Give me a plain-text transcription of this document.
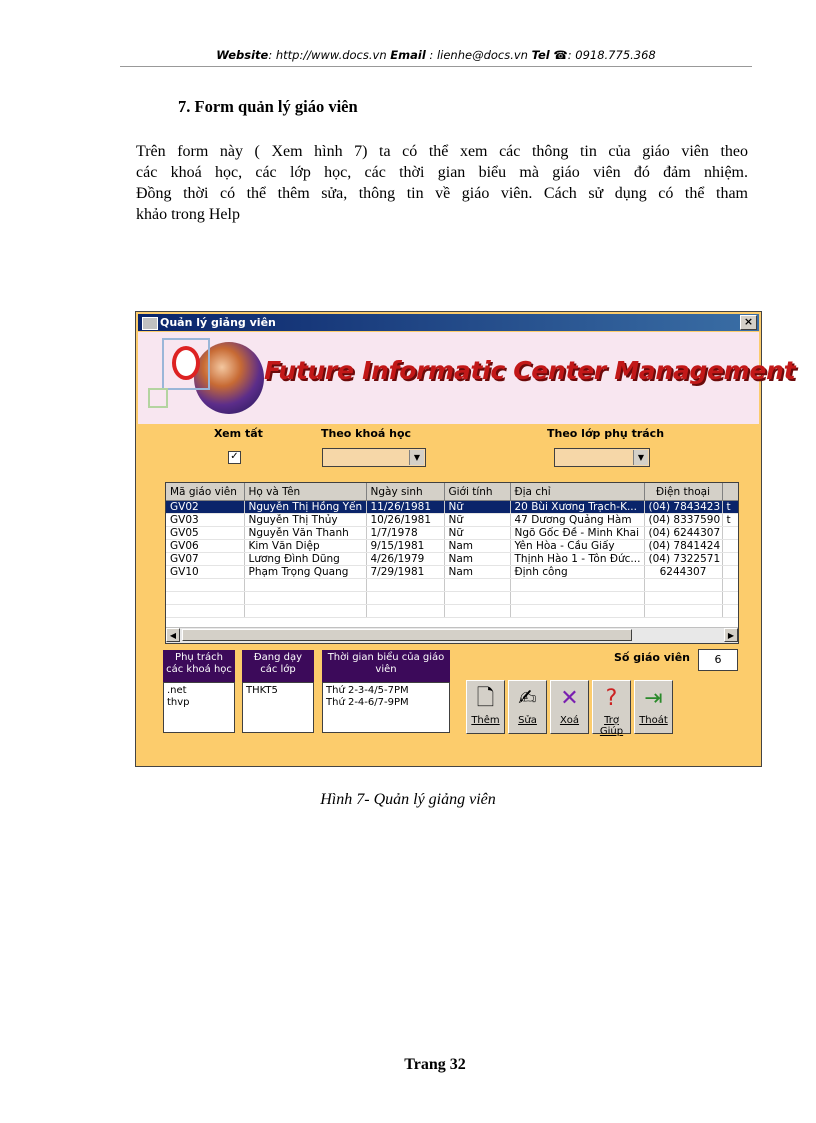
Website: http://www.docs.vn Email : lienhe@docs.vn Tel ☎: 0918.775.368
7. Form quản lý giáo viên
Trên form này ( Xem hình 7) ta có thể xem các thông tin của giáo viên theo
các khoá học, các lớp học, các thời gian biểu mà giáo viên đó đảm nhiệm.
Đồng thời có thể thêm sửa, thông tin về giáo viên. Cách sử dụng có thể tham
khảo trong Help
Quản lý giảng viên	×
Future Informatic Center Management
Xem tất
✓
Theo khoá học
▼
Theo lớp phụ trách
▼
Mã giáo viên	Họ và Tên	Ngày sinh	Giới tính	Địa chỉ	Điện thoại	
GV02	Nguyễn Thị Hồng Yến	11/26/1981	Nữ	20 Bùi Xương Trạch-K...	(04) 7843423	t
GV03	Nguyễn Thị Thủy	10/26/1981	Nữ	47 Dương Quảng Hàm	(04) 8337590	t
GV05	Nguyễn Văn Thanh	1/7/1978	Nữ	Ngõ Gốc Đề - Minh Khai	(04) 6244307	
GV06	Kim Văn Diệp	9/15/1981	Nam	Yên Hòa - Cầu Giấy	(04) 7841424	
GV07	Lương Đình Dũng	4/26/1979	Nam	Thịnh Hào 1 - Tôn Đức...	(04) 7322571	
GV10	Phạm Trọng Quang	7/29/1981	Nam	Định công	6244307	

◀	▶
Phụ trách các khoá học
.net
thvp
Đang dạy các lớp
THKT5
Thời gian biểu của giáo viên
Thứ 2-3-4/5-7PM
Thứ 2-4-6/7-9PM
Số giáo viên	6
🗋
Thêm
✍
Sửa
✕
Xoá
?
Trợ Giúp
⇥
Thoát
Hình 7- Quản lý giảng viên
Trang 32
